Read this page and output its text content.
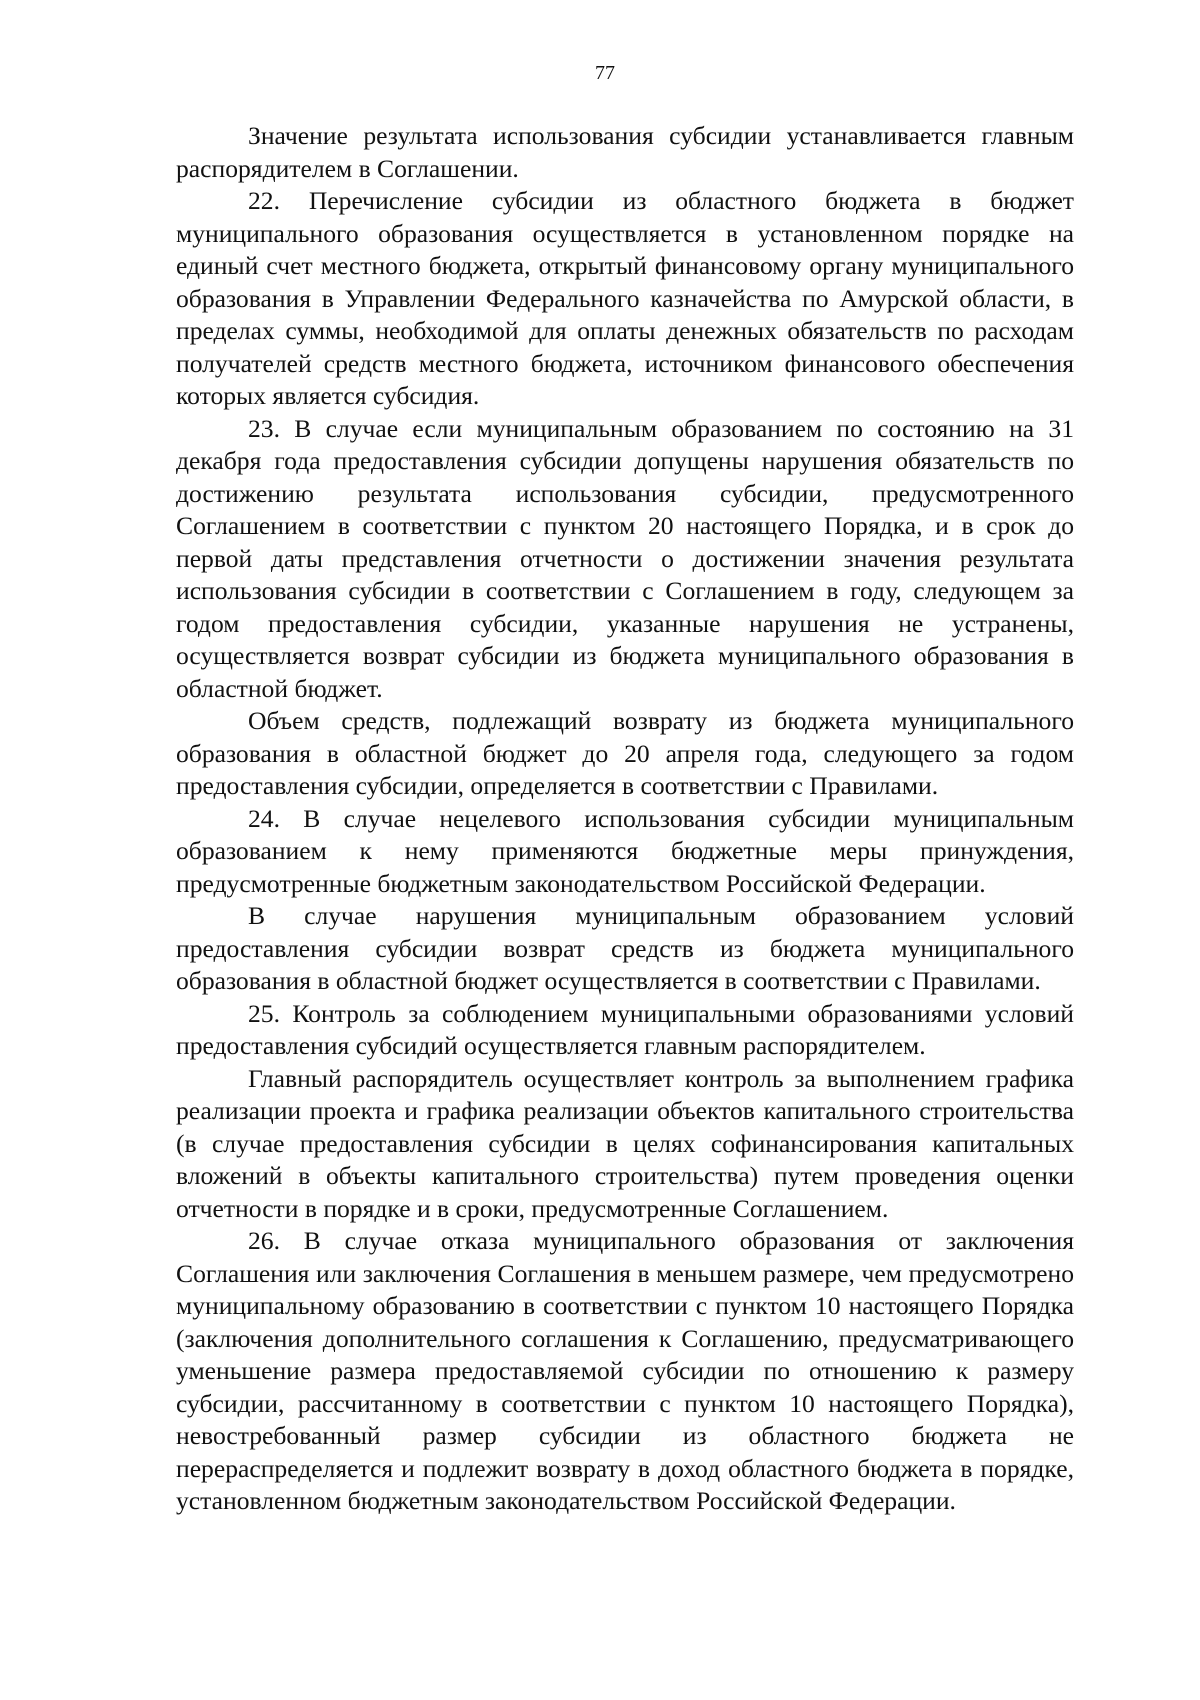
77

Значение результата использования субсидии устанавливается главным распорядителем в Соглашении.

22. Перечисление субсидии из областного бюджета в бюджет муниципального образования осуществляется в установленном порядке на единый счет местного бюджета, открытый финансовому органу муниципального образования в Управлении Федерального казначейства по Амурской области, в пределах суммы, необходимой для оплаты денежных обязательств по расходам получателей средств местного бюджета, источником финансового обеспечения которых является субсидия.

23. В случае если муниципальным образованием по состоянию на 31 декабря года предоставления субсидии допущены нарушения обязательств по достижению результата использования субсидии, предусмотренного Соглашением в соответствии с пунктом 20 настоящего Порядка, и в срок до первой даты представления отчетности о достижении значения результата использования субсидии в соответствии с Соглашением в году, следующем за годом предоставления субсидии, указанные нарушения не устранены, осуществляется возврат субсидии из бюджета муниципального образования в областной бюджет.

Объем средств, подлежащий возврату из бюджета муниципального образования в областной бюджет до 20 апреля года, следующего за годом предоставления субсидии, определяется в соответствии с Правилами.

24. В случае нецелевого использования субсидии муниципальным образованием к нему применяются бюджетные меры принуждения, предусмотренные бюджетным законодательством Российской Федерации.

В случае нарушения муниципальным образованием условий предоставления субсидии возврат средств из бюджета муниципального образования в областной бюджет осуществляется в соответствии с Правилами.

25. Контроль за соблюдением муниципальными образованиями условий предоставления субсидий осуществляется главным распорядителем.

Главный распорядитель осуществляет контроль за выполнением графика реализации проекта и графика реализации объектов капитального строительства (в случае предоставления субсидии в целях софинансирования капитальных вложений в объекты капитального строительства) путем проведения оценки отчетности в порядке и в сроки, предусмотренные Соглашением.

26. В случае отказа муниципального образования от заключения Соглашения или заключения Соглашения в меньшем размере, чем предусмотрено муниципальному образованию в соответствии с пунктом 10 настоящего Порядка (заключения дополнительного соглашения к Соглашению, предусматривающего уменьшение размера предоставляемой субсидии по отношению к размеру субсидии, рассчитанному в соответствии с пунктом 10 настоящего Порядка), невостребованный размер субсидии из областного бюджета не перераспределяется и подлежит возврату в доход областного бюджета в порядке, установленном бюджетным законодательством Российской Федерации.
